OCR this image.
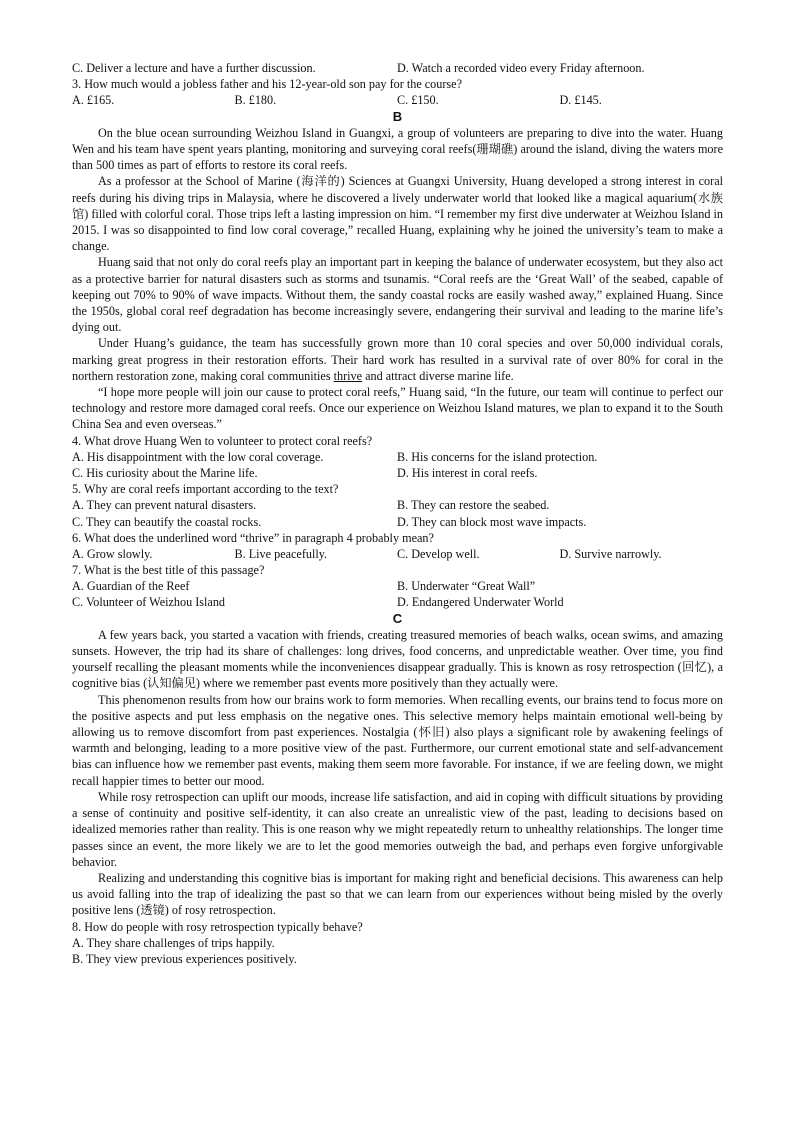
C. Deliver a lecture and have a further discussion.	D. Watch a recorded video every Friday afternoon.
3. How much would a jobless father and his 12-year-old son pay for the course?
A. £165.	B. £180.	C. £150.	D. £145.
B

On the blue ocean surrounding Weizhou Island in Guangxi, a group of volunteers are preparing to dive into the water. Huang Wen and his team have spent years planting, monitoring and surveying coral reefs(珊瑚礁) around the island, diving the waters more than 500 times as part of efforts to restore its coral reefs.

As a professor at the School of Marine (海洋的) Sciences at Guangxi University, Huang developed a strong interest in coral reefs during his diving trips in Malaysia, where he discovered a lively underwater world that looked like a magical aquarium(水族馆) filled with colorful coral. Those trips left a lasting impression on him. “I remember my first dive underwater at Weizhou Island in 2015. I was so disappointed to find low coral coverage,” recalled Huang, explaining why he joined the university’s team to make a change.

Huang said that not only do coral reefs play an important part in keeping the balance of underwater ecosystem, but they also act as a protective barrier for natural disasters such as storms and tsunamis. “Coral reefs are the ‘Great Wall’ of the seabed, capable of keeping out 70% to 90% of wave impacts. Without them, the sandy coastal rocks are easily washed away,” explained Huang. Since the 1950s, global coral reef degradation has become increasingly severe, endangering their survival and leading to the marine life’s dying out.

Under Huang’s guidance, the team has successfully grown more than 10 coral species and over 50,000 individual corals, marking great progress in their restoration efforts. Their hard work has resulted in a survival rate of over 80% for coral in the northern restoration zone, making coral communities thrive and attract diverse marine life.

“I hope more people will join our cause to protect coral reefs,” Huang said, “In the future, our team will continue to perfect our technology and restore more damaged coral reefs. Once our experience on Weizhou Island matures, we plan to expand it to the South China Sea and even overseas.”

4. What drove Huang Wen to volunteer to protect coral reefs?
A. His disappointment with the low coral coverage.	B. His concerns for the island protection.
C. His curiosity about the Marine life.	D. His interest in coral reefs.
5. Why are coral reefs important according to the text?
A. They can prevent natural disasters.	B. They can restore the seabed.
C. They can beautify the coastal rocks.	D. They can block most wave impacts.
6. What does the underlined word “thrive” in paragraph 4 probably mean?
A. Grow slowly.	B. Live peacefully.	C. Develop well.	D. Survive narrowly.
7. What is the best title of this passage?
A. Guardian of the Reef	B. Underwater “Great Wall”
C. Volunteer of Weizhou Island	D. Endangered Underwater World
C

A few years back, you started a vacation with friends, creating treasured memories of beach walks, ocean swims, and amazing sunsets. However, the trip had its share of challenges: long drives, food concerns, and unpredictable weather. Over time, you find yourself recalling the pleasant moments while the inconveniences disappear gradually. This is known as rosy retrospection (回忆), a cognitive bias (认知偏见) where we remember past events more positively than they actually were.

This phenomenon results from how our brains work to form memories. When recalling events, our brains tend to focus more on the positive aspects and put less emphasis on the negative ones. This selective memory helps maintain emotional well-being by allowing us to remove discomfort from past experiences. Nostalgia (怀旧) also plays a significant role by awakening feelings of warmth and belonging, leading to a more positive view of the past. Furthermore, our current emotional state and self-advancement bias can influence how we remember past events, making them seem more favorable. For instance, if we are feeling down, we might recall happier times to better our mood.

While rosy retrospection can uplift our moods, increase life satisfaction, and aid in coping with difficult situations by providing a sense of continuity and positive self-identity, it can also create an unrealistic view of the past, leading to decisions based on idealized memories rather than reality. This is one reason why we might repeatedly return to unhealthy relationships. The longer time passes since an event, the more likely we are to let the good memories outweigh the bad, and perhaps even forgive unforgivable behavior.

Realizing and understanding this cognitive bias is important for making right and beneficial decisions. This awareness can help us avoid falling into the trap of idealizing the past so that we can learn from our experiences without being misled by the overly positive lens (透镜) of rosy retrospection.

8. How do people with rosy retrospection typically behave?
A. They share challenges of trips happily.
B. They view previous experiences positively.
